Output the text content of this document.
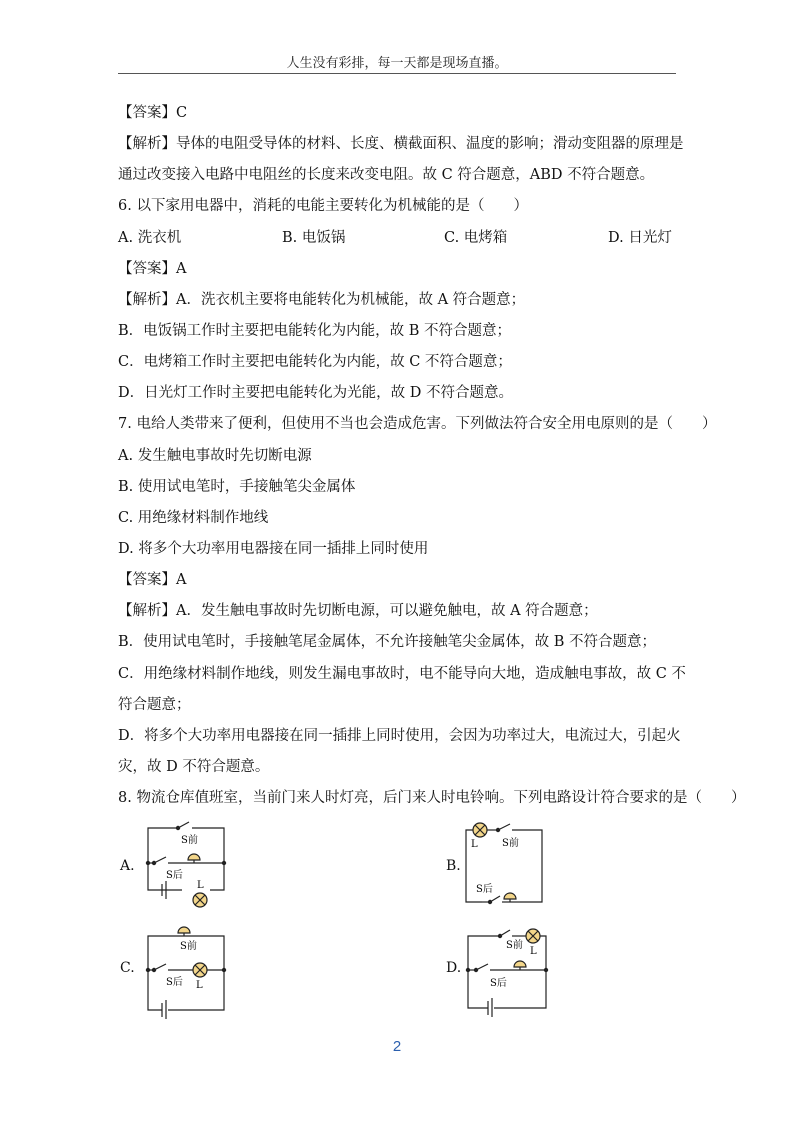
人生没有彩排，每一天都是现场直播。
【答案】C
【解析】导体的电阻受导体的材料、长度、横截面积、温度的影响；滑动变阻器的原理是
通过改变接入电路中电阻丝的长度来改变电阻。故 C 符合题意，ABD 不符合题意。
6. 以下家用电器中，消耗的电能主要转化为机械能的是（　　）
A. 洗衣机	B. 电饭锅	C. 电烤箱	D. 日光灯
【答案】A
【解析】A．洗衣机主要将电能转化为机械能，故 A 符合题意；
B．电饭锅工作时主要把电能转化为内能，故 B 不符合题意；
C．电烤箱工作时主要把电能转化为内能，故 C 不符合题意；
D．日光灯工作时主要把电能转化为光能，故 D 不符合题意。
7. 电给人类带来了便利，但使用不当也会造成危害。下列做法符合安全用电原则的是（　　）
A. 发生触电事故时先切断电源
B. 使用试电笔时，手接触笔尖金属体
C. 用绝缘材料制作地线
D. 将多个大功率用电器接在同一插排上同时使用
【答案】A
【解析】A．发生触电事故时先切断电源，可以避免触电，故 A 符合题意；
B．使用试电笔时，手接触笔尾金属体，不允许接触笔尖金属体，故 B 不符合题意；
C．用绝缘材料制作地线，则发生漏电事故时，电不能导向大地，造成触电事故，故 C 不
符合题意；
D．将多个大功率用电器接在同一插排上同时使用，会因为功率过大，电流过大，引起火
灾，故 D 不符合题意。
8. 物流仓库值班室，当前门来人时灯亮，后门来人时电铃响。下列电路设计符合要求的是（　　）
A.	B.
C.	D.
S前
S后
L
L S前
S后
S前
S后 L
S前
L
S后
2
